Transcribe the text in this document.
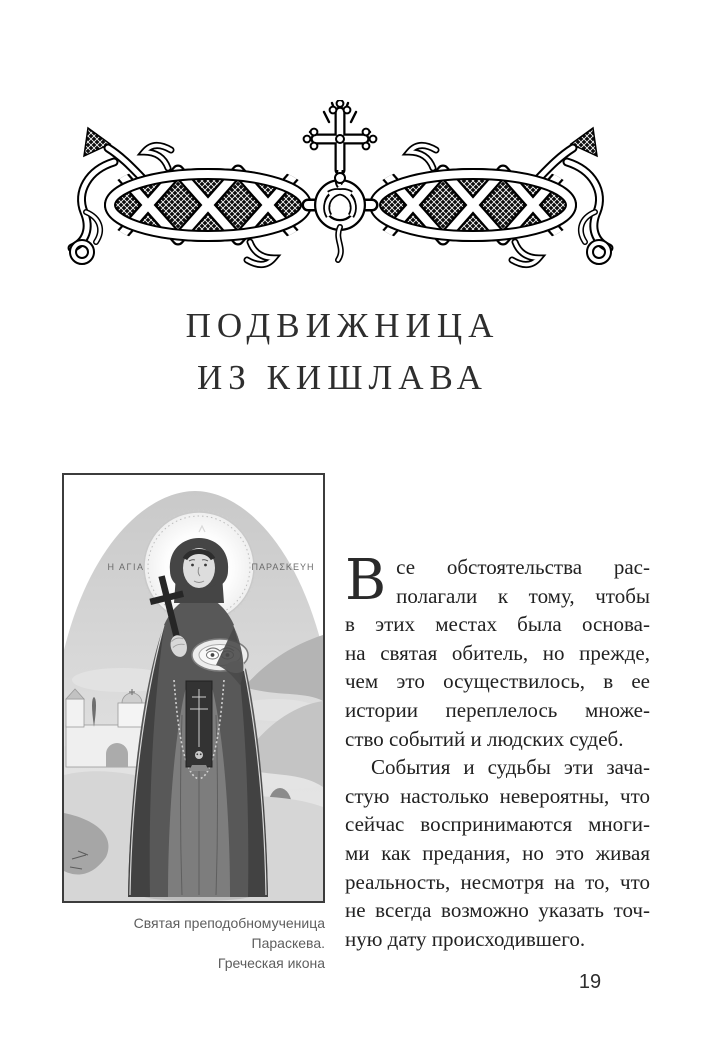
ПОДВИЖНИЦА
ИЗ КИШЛАВА
Η ΑΓΙΑ	ΠΑΡΑΣΚΕΥΗ
Святая преподобномученица Параскева.
Греческая икона
В се обстоятельства рас-
полагали к тому, чтобы
в этих местах была основа-
на святая обитель, но прежде,
чем это осуществилось, в ее
истории переплелось множе-
ство событий и людских судеб.
События и судьбы эти зача-
стую настолько невероятны, что
сейчас воспринимаются многи-
ми как предания, но это живая
реальность, несмотря на то, что
не всегда возможно указать точ-
ную дату происходившего.
19
